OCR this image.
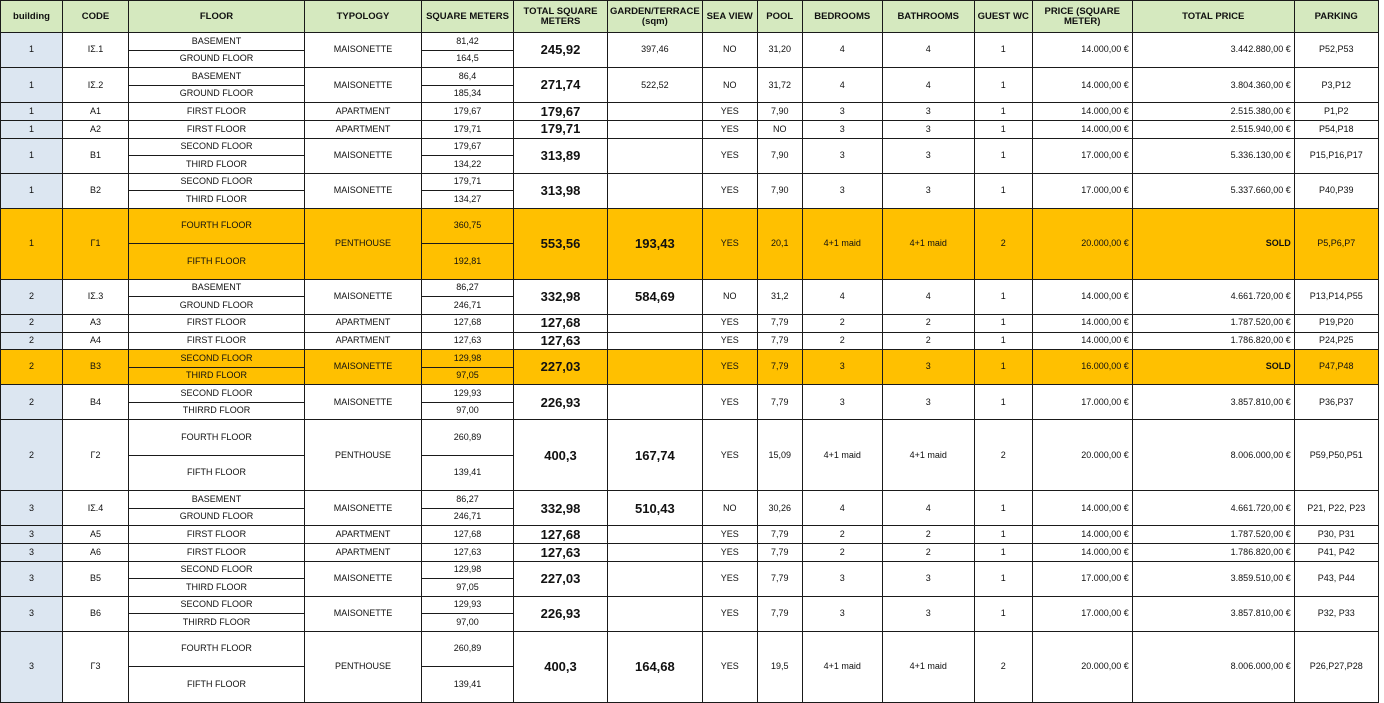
building	CODE	FLOOR	TYPOLOGY	SQUARE METERS	TOTAL SQUARE METERS	GARDEN/TERRACE (sqm)	SEA VIEW	POOL	BEDROOMS	BATHROOMS	GUEST WC	PRICE (SQUARE METER)	TOTAL PRICE	PARKING
1	ΙΣ.1	BASEMENT	MAISONETTE	81,42	245,92	397,46	NO	31,20	4	4	1	14.000,00 €	3.442.880,00 €	P52,P53
		GROUND FLOOR		164,5										
1	ΙΣ.2	BASEMENT	MAISONETTE	86,4	271,74	522,52	NO	31,72	4	4	1	14.000,00 €	3.804.360,00 €	P3,P12
		GROUND FLOOR		185,34										
1	A1	FIRST FLOOR	APARTMENT	179,67	179,67		YES	7,90	3	3	1	14.000,00 €	2.515.380,00 €	P1,P2
1	A2	FIRST FLOOR	APARTMENT	179,71	179,71		YES	NO	3	3	1	14.000,00 €	2.515.940,00 €	P54,P18
1	B1	SECOND FLOOR	MAISONETTE	179,67	313,89		YES	7,90	3	3	1	17.000,00 €	5.336.130,00 €	P15,P16,P17
		THIRD FLOOR		134,22										
1	B2	SECOND FLOOR	MAISONETTE	179,71	313,98		YES	7,90	3	3	1	17.000,00 €	5.337.660,00 €	P40,P39
		THIRD FLOOR		134,27										
1	Γ1	FOURTH FLOOR	PENTHOUSE	360,75	553,56	193,43	YES	20,1	4+1 maid	4+1 maid	2	20.000,00 €	SOLD	P5,P6,P7
		FIFTH FLOOR		192,81										
2	ΙΣ.3	BASEMENT	MAISONETTE	86,27	332,98	584,69	NO	31,2	4	4	1	14.000,00 €	4.661.720,00 €	P13,P14,P55
		GROUND FLOOR		246,71										
2	A3	FIRST FLOOR	APARTMENT	127,68	127,68		YES	7,79	2	2	1	14.000,00 €	1.787.520,00 €	P19,P20
2	A4	FIRST FLOOR	APARTMENT	127,63	127,63		YES	7,79	2	2	1	14.000,00 €	1.786.820,00 €	P24,P25
2	B3	SECOND FLOOR	MAISONETTE	129,98	227,03		YES	7,79	3	3	1	16.000,00 €	SOLD	P47,P48
		THIRD FLOOR		97,05										
2	B4	SECOND FLOOR	MAISONETTE	129,93	226,93		YES	7,79	3	3	1	17.000,00 €	3.857.810,00 €	P36,P37
		THIRRD FLOOR		97,00										
2	Γ2	FOURTH FLOOR	PENTHOUSE	260,89	400,3	167,74	YES	15,09	4+1 maid	4+1 maid	2	20.000,00 €	8.006.000,00 €	P59,P50,P51
		FIFTH FLOOR		139,41										
3	ΙΣ.4	BASEMENT	MAISONETTE	86,27	332,98	510,43	NO	30,26	4	4	1	14.000,00 €	4.661.720,00 €	P21, P22, P23
		GROUND FLOOR		246,71										
3	A5	FIRST FLOOR	APARTMENT	127,68	127,68		YES	7,79	2	2	1	14.000,00 €	1.787.520,00 €	P30, P31
3	A6	FIRST FLOOR	APARTMENT	127,63	127,63		YES	7,79	2	2	1	14.000,00 €	1.786.820,00 €	P41, P42
3	B5	SECOND FLOOR	MAISONETTE	129,98	227,03		YES	7,79	3	3	1	17.000,00 €	3.859.510,00 €	P43, P44
		THIRD FLOOR		97,05										
3	B6	SECOND FLOOR	MAISONETTE	129,93	226,93		YES	7,79	3	3	1	17.000,00 €	3.857.810,00 €	P32, P33
		THIRRD FLOOR		97,00										
3	Γ3	FOURTH FLOOR	PENTHOUSE	260,89	400,3	164,68	YES	19,5	4+1 maid	4+1 maid	2	20.000,00 €	8.006.000,00 €	P26,P27,P28
		FIFTH FLOOR		139,41										
